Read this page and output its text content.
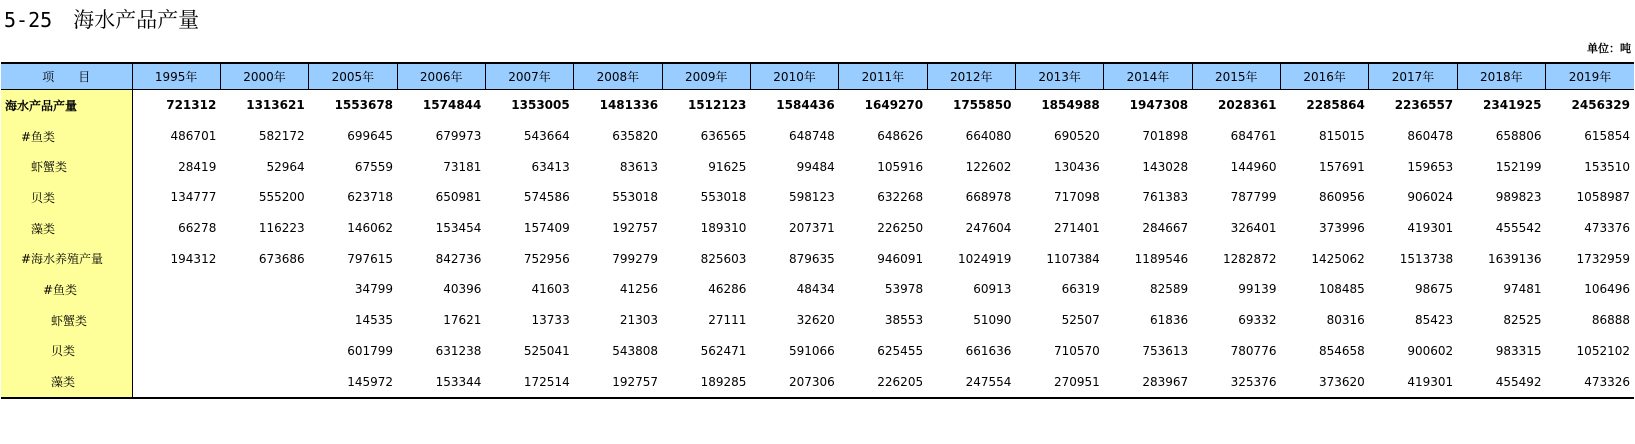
5-25　 海水产品产量
单位：吨
项　　目	1995年	2000年	2005年	2006年	2007年	2008年	2009年	2010年	2011年	2012年	2013年	2014年	2015年	2016年	2017年	2018年	2019年
海水产品产量	721312	1313621	1553678	1574844	1353005	1481336	1512123	1584436	1649270	1755850	1854988	1947308	2028361	2285864	2236557	2341925	2456329
#鱼类	486701	582172	699645	679973	543664	635820	636565	648748	648626	664080	690520	701898	684761	815015	860478	658806	615854
虾蟹类	28419	52964	67559	73181	63413	83613	91625	99484	105916	122602	130436	143028	144960	157691	159653	152199	153510
贝类	134777	555200	623718	650981	574586	553018	553018	598123	632268	668978	717098	761383	787799	860956	906024	989823	1058987
藻类	66278	116223	146062	153454	157409	192757	189310	207371	226250	247604	271401	284667	326401	373996	419301	455542	473376
#海水养殖产量	194312	673686	797615	842736	752956	799279	825603	879635	946091	1024919	1107384	1189546	1282872	1425062	1513738	1639136	1732959
#鱼类			34799	40396	41603	41256	46286	48434	53978	60913	66319	82589	99139	108485	98675	97481	106496
虾蟹类			14535	17621	13733	21303	27111	32620	38553	51090	52507	61836	69332	80316	85423	82525	86888
贝类			601799	631238	525041	543808	562471	591066	625455	661636	710570	753613	780776	854658	900602	983315	1052102
藻类			145972	153344	172514	192757	189285	207306	226205	247554	270951	283967	325376	373620	419301	455492	473326
